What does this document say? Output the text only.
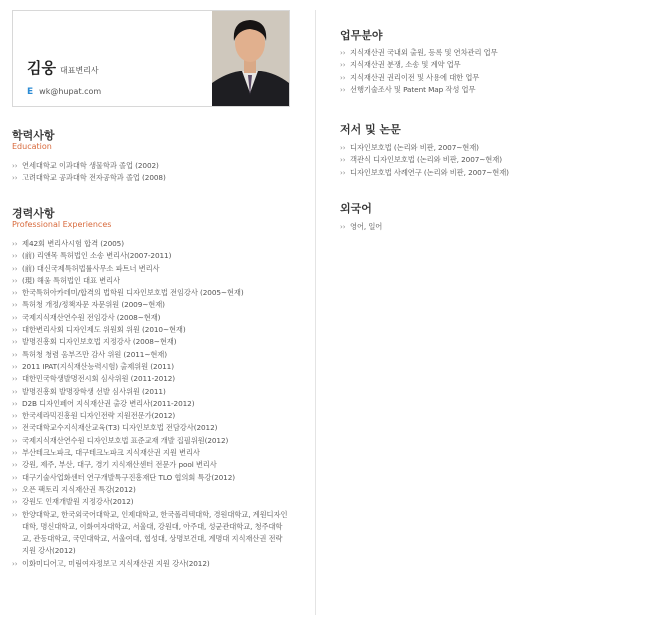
김웅 대표변리사
E wk@hupat.com
학력사항
Education
›› 연세대학교 이과대학 생물학과 졸업 (2002)
›› 고려대학교 공과대학 전자공학과 졸업 (2008)
경력사항
Professional Experiences
›› 제42회 변리사시험 합격 (2005)
›› (前) 리앤목 특허법인 소송 변리사(2007-2011)
›› (前) 대신국제특허법률사무소 파트너 변리사
›› (現) 해움 특허법인 대표 변리사
›› 한국특허아카데미/합격의 법학원 디자인보호법 전임강사 (2005~현재)
›› 특허청 개정/정책자문 자문위원 (2009~현재)
›› 국제지식재산연수원 전임강사 (2008~현재)
›› 대한변리사회 디자인제도 위원회 위원 (2010~현재)
›› 발명진흥회 디자인보호법 지정강사 (2008~현재)
›› 특허청 청렴 옴부즈만 감사 위원 (2011~현재)
›› 2011 IPAT(지식재산능력시험) 출제위원 (2011)
›› 대한민국학생발명전시회 심사위원 (2011-2012)
›› 발명진흥회 발명장학생 선발 심사위원 (2011)
›› D2B 디자인페어 지식재산권 출강 변리사(2011-2012)
›› 한국세라믹진흥원 디자인전략 지원전문가(2012)
›› 전국대학교수지식재산교육(T3) 디자인보호법 전담강사(2012)
›› 국제지식재산연수원 디자인보호법 표준교재 개발 집필위원(2012)
›› 부산테크노파크, 대구테크노파크 지식재산권 지원 변리사
›› 강원, 제주, 부산, 대구, 경기 지식재산센터 전문가 pool 변리사
›› 대구기술사업화센터 연구개발특구진흥재단 TLO 협의회 특강(2012)
›› 오픈 팩토리 지식재산권 특강(2012)
›› 강원도 인재개발원 지정강사(2012)
›› 한양대학교, 한국외국어대학교, 인제대학교, 한국폴리텍대학, 경원대학교, 계원디자인대학, 명신대학교, 이화여자대학교, 서울대, 강원대, 아주대, 성균관대학교, 청주대학교, 관동대학교, 국민대학교, 서울여대, 협성대, 상명보건대, 계명대 지식재산권 전략 지원 강사(2012)
›› 이화미디어고, 미림여자정보고 지식재산권 지원 강사(2012)
업무분야
›› 지식재산권 국내외 출원, 등록 및 연차관리 업무
›› 지식재산권 분쟁, 소송 및 계약 업무
›› 지식재산권 권리이전 및 사용에 대한 업무
›› 선행기술조사 및 Patent Map 작성 업무
저서 및 논문
›› 디자인보호법 (논리와 비판, 2007~현재)
›› 객관식 디자인보호법 (논리와 비판, 2007~현재)
›› 디자인보호법 사례연구 (논리와 비판, 2007~현재)
외국어
›› 영어, 일어
